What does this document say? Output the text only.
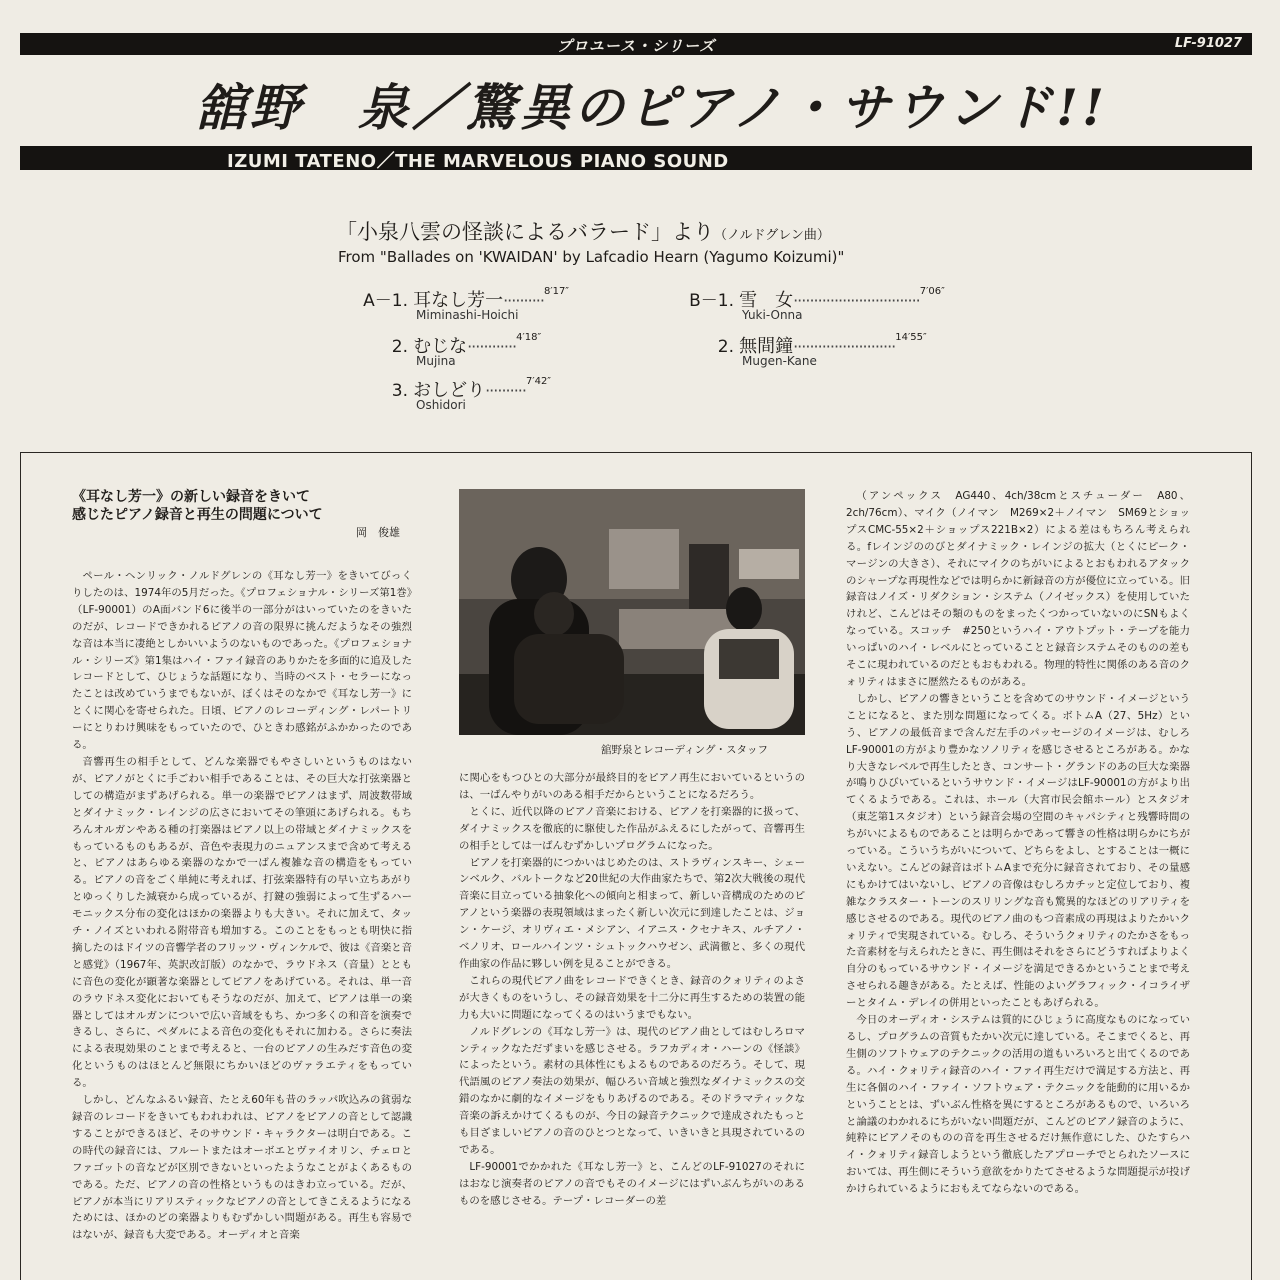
プロユース・シリーズ	LF-91027
舘野　泉／驚異のピアノ・サウンド!!
IZUMI TATENO／THE MARVELOUS PIANO SOUND
「小泉八雲の怪談によるバラード」より（ノルドグレン曲）
From "Ballades on 'KWAIDAN' by Lafcadio Hearn (Yagumo Koizumi)"
A－1. 耳なし芳一··········$^{8'17''}$
Miminashi-Hoichi
2. むじな············$^{4'18''}$
Mujina
3. おしどり··········$^{7'42''}$
Oshidori
B－1. 雪　女·······························$^{7'06''}$
Yuki-Onna
2. 無間鐘·························$^{14'55''}$
Mugen-Kane
《耳なし芳一》の新しい録音をきいて
感じたピアノ録音と再生の問題について
岡　俊雄

ペール・ヘンリック・ノルドグレンの《耳なし芳一》をきいてびっくりしたのは、1974年の5月だった。《プロフェショナル・シリーズ第1巻》（LF-90001）のA面バンド6に後半の一部分がはいっていたのをきいたのだが、レコードできかれるピアノの音の限界に挑んだようなその強烈な音は本当に凄絶としかいいようのないものであった。《プロフェショナル・シリーズ》第1集はハイ・ファイ録音のありかたを多面的に追及したレコードとして、ひじょうな話題になり、当時のベスト・セラーになったことは改めていうまでもないが、ぼくはそのなかで《耳なし芳一》にとくに関心を寄せられた。日頃、ピアノのレコーディング・レパートリーにとりわけ興味をもっていたので、ひときわ感銘がふかかったのである。

音響再生の相手として、どんな楽器でもやさしいというものはないが、ピアノがとくに手ごわい相手であることは、その巨大な打弦楽器としての構造がまずあげられる。単一の楽器でピアノはまず、周波数帯域とダイナミック・レインジの広さにおいてその筆頭にあげられる。もちろんオルガンやある種の打楽器はピアノ以上の帯域とダイナミックスをもっているものもあるが、音色や表現力のニュアンスまで含めて考えると、ピアノはあらゆる楽器のなかで一ばん複雑な音の構造をもっている。ピアノの音をごく単純に考えれば、打弦楽器特有の早い立ちあがりとゆっくりした減衰から成っているが、打鍵の強弱によって生ずるハーモニックス分布の変化はほかの楽器よりも大きい。それに加えて、タッチ・ノイズといわれる附帯音も増加する。このことをもっとも明快に指摘したのはドイツの音響学者のフリッツ・ヴィンケルで、彼は《音楽と音と感覚》（1967年、英訳改訂版）のなかで、ラウドネス（音量）とともに音色の変化が顕著な楽器としてピアノをあげている。それは、単一音のラウドネス変化においてもそうなのだが、加えて、ピアノは単一の楽器としてはオルガンについで広い音域をもち、かつ多くの和音を演奏できるし、さらに、ペダルによる音色の変化もそれに加わる。さらに奏法による表現効果のことまで考えると、一台のピアノの生みだす音色の変化というものはほとんど無限にちかいほどのヴァラエティをもっている。

しかし、どんなふるい録音、たとえ60年も昔のラッパ吹込みの貧弱な録音のレコードをきいてもわれわれは、ピアノをピアノの音として認識することができるほど、そのサウンド・キャラクターは明白である。この時代の録音には、フルートまたはオーボエとヴァイオリン、チェロとファゴットの音などが区別できないといったようなことがよくあるものである。ただ、ピアノの音の性格というものはきわ立っている。だが、ピアノが本当にリアリスティックなピアノの音としてきこえるようになるためには、ほかのどの楽器よりもむずかしい問題がある。再生も容易ではないが、録音も大変である。オーディオと音楽

舘野泉とレコーディング・スタッフ

に関心をもつひとの大部分が最終目的をピアノ再生においているというのは、一ばんやりがいのある相手だからということになるだろう。

とくに、近代以降のピアノ音楽における、ピアノを打楽器的に扱って、ダイナミックスを徹底的に駆使した作品がふえるにしたがって、音響再生の相手としては一ばんむずかしいプログラムになった。

ピアノを打楽器的につかいはじめたのは、ストラヴィンスキー、シェーンベルク、バルトークなど20世紀の大作曲家たちで、第2次大戦後の現代音楽に目立っている抽象化への傾向と相まって、新しい音構成のためのピアノという楽器の表現領域はまったく新しい次元に到達したことは、ジョン・ケージ、オリヴィエ・メシアン、イアニス・クセナキス、ルチアノ・ベノリオ、ロールハインツ・シュトックハウゼン、武満徹と、多くの現代作曲家の作品に夥しい例を見ることができる。

これらの現代ピアノ曲をレコードできくとき、録音のクォリティのよさが大きくものをいうし、その録音効果を十二分に再生するための装置の能力も大いに問題になってくるのはいうまでもない。

ノルドグレンの《耳なし芳一》は、現代のピアノ曲としてはむしろロマンティックなただずまいを感じさせる。ラフカディオ・ハーンの《怪談》によったという。素材の具体性にもよるものであるのだろう。そして、現代語風のピアノ奏法の効果が、幅ひろい音域と強烈なダイナミックスの交錯のなかに劇的なイメージをもりあげるのである。そのドラマティックな音楽の訴えかけてくるものが、今日の録音テクニックで達成されたもっとも目ざましいピアノの音のひとつとなって、いきいきと具現されているのである。

LF-90001でかかれた《耳なし芳一》と、こんどのLF-91027のそれにはおなじ演奏者のピアノの音でもそのイメージにはずいぶんちがいのあるものを感じさせる。テープ・レコーダーの差

（アンペックス　AG440、4ch/38cmとスチューダー　A80、2ch/76cm）、マイク（ノイマン　M269×2＋ノイマン　SM69とショップスCMC-55×2＋ショップス221B×2）による差はもちろん考えられる。fレインジののびとダイナミック・レインジの拡大（とくにピーク・マージンの大きさ）、それにマイクのちがいによるとおもわれるアタックのシャープな再現性などでは明らかに新録音の方が優位に立っている。旧録音はノイズ・リダクション・システム（ノイゼックス）を使用していたけれど、こんどはその類のものをまったくつかっていないのにSNもよくなっている。スコッチ　#250というハイ・アウトプット・テープを能力いっぱいのハイ・レベルにとっていることと録音システムそのものの差もそこに現われているのだともおもわれる。物理的特性に関係のある音のクォリティはまさに歴然たるものがある。

しかし、ピアノの響きということを含めてのサウンド・イメージということになると、また別な問題になってくる。ボトムA（27、5Hz）という、ピアノの最低音まで含んだ左手のパッセージのイメージは、むしろLF-90001の方がより豊かなソノリティを感じさせるところがある。かなり大きなレベルで再生したとき、コンサート・グランドのあの巨大な楽器が鳴りひびいているというサウンド・イメージはLF-90001の方がより出てくるようである。これは、ホール（大宮市民会館ホール）とスタジオ（東芝第1スタジオ）という録音会場の空間のキャパシティと残響時間のちがいによるものであることは明らかであって響きの性格は明らかにちがっている。こういうちがいについて、どちらをよし、とすることは一概にいえない。こんどの録音はボトムAまで充分に録音されており、その量感にもかけてはいないし、ピアノの音像はむしろカチッと定位しており、複雑なクラスター・トーンのスリリングな音も驚異的なほどのリアリティを感じさせるのである。現代のピアノ曲のもつ音素成の再現はよりたかいクォリティで実現されている。むしろ、そういうクォリティのたかさをもった音素材を与えられたときに、再生側はそれをさらにどうすればよりよく自分のもっているサウンド・イメージを満足できるかということまで考えさせられる趣きがある。たとえば、性能のよいグラフィック・イコライザーとタイム・デレイの併用といったこともあげられる。

今日のオーディオ・システムは質的にひじょうに高度なものになっているし、プログラムの音質もたかい次元に達している。そこまでくると、再生側のソフトウェアのテクニックの活用の道もいろいろと出てくるのである。ハイ・クォリティ録音のハイ・ファイ再生だけで満足する方法と、再生に各個のハイ・ファイ・ソフトウェア・テクニックを能動的に用いるかということとは、ずいぶん性格を異にするところがあるもので、いろいろと論議のわかれるにちがいない問題だが、こんどのピアノ録音のように、純粋にピアノそのものの音を再生させるだけ無作意にした、ひたすらハイ・クォリティ録音しようという徹底したアプローチでとられたソースにおいては、再生側にそういう意欲をかりたてさせるような問題提示が投げかけられているようにおもえてならないのである。
